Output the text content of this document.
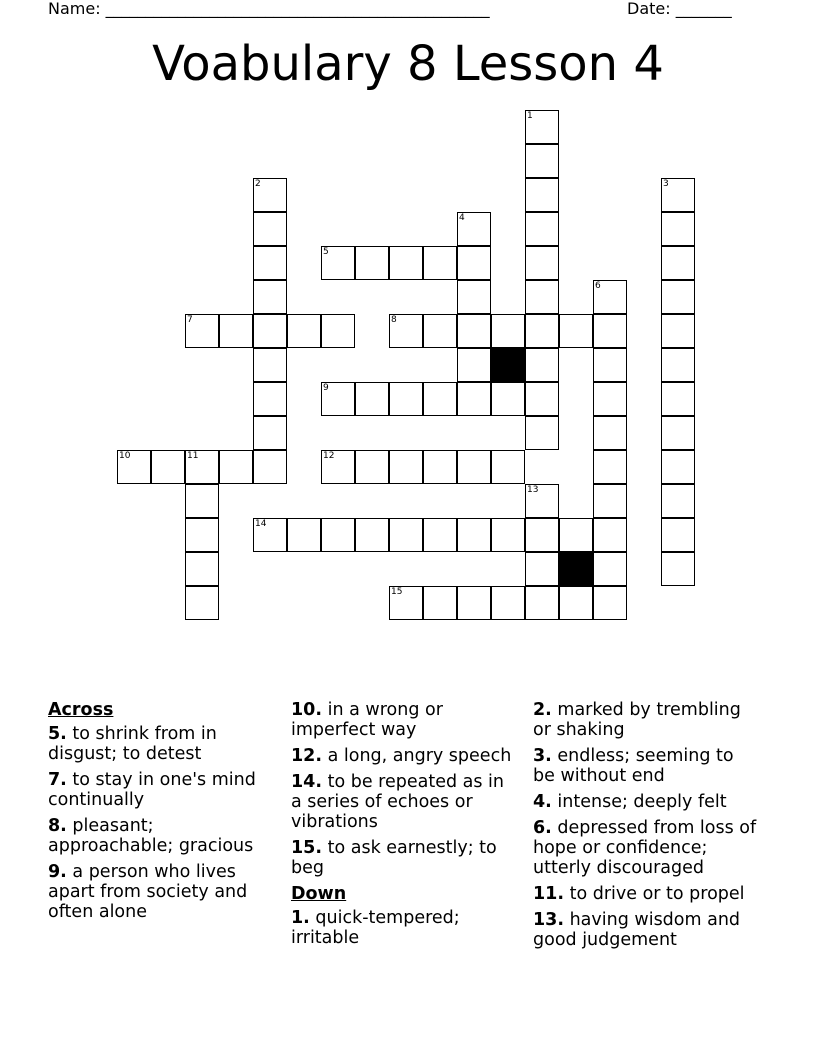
Name: ________________________________________________	Date: _______
Voabulary 8 Lesson 4
1
2	3
4
5
6
7	8
9
10	11	12
13
14
15
Across
5. to shrink from in disgust; to detest
7. to stay in one's mind continually
8. pleasant; approachable; gracious
9. a person who lives apart from society and often alone
10. in a wrong or imperfect way
12. a long, angry speech
14. to be repeated as in a series of echoes or vibrations
15. to ask earnestly; to beg
Down
1. quick-tempered; irritable
2. marked by trembling or shaking
3. endless; seeming to be without end
4. intense; deeply felt
6. depressed from loss of hope or confidence; utterly discouraged
11. to drive or to propel
13. having wisdom and good judgement
